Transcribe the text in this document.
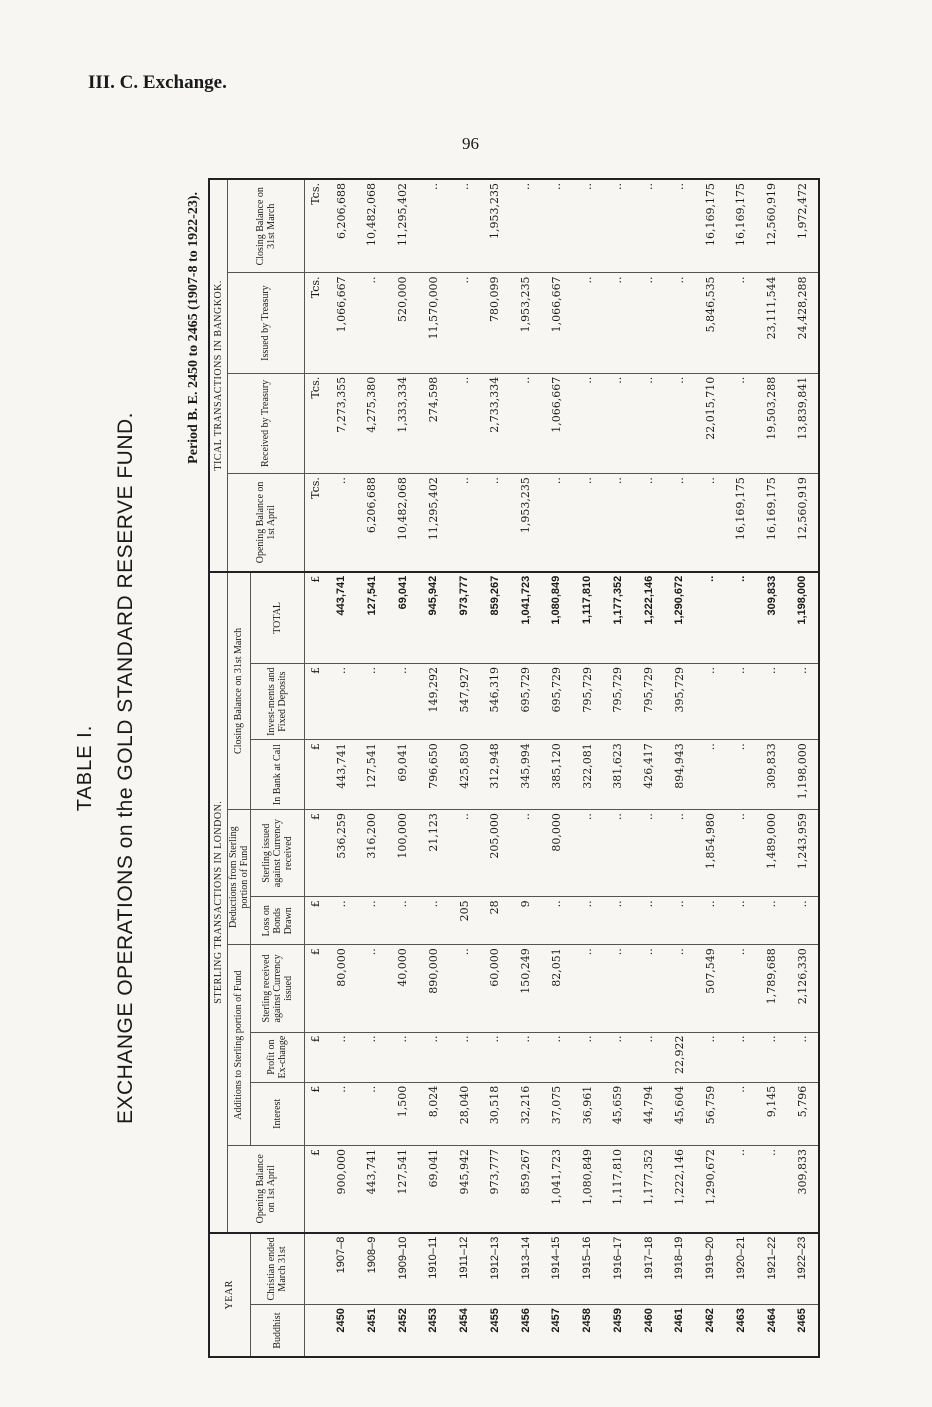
III. C. Exchange.
96
TABLE I. EXCHANGE OPERATIONS on the GOLD STANDARD RESERVE FUND.
Period B. E. 2450 to 2465 (1907-8 to 1922-23).
YEAR		STERLING TRANSACTIONS IN LONDON.									TICAL TRANSACTIONS IN BANGKOK.			
		Opening Balance on 1st April	Additions to Sterling portion of Fund			Deductions from Sterling portion of Fund		Closing Balance on 31st March			Opening Balance on 1st April	Received by Treasury	Issued by Treasury	Closing Balance on 31st March
Buddhist	Christian ended March 31st		Interest	Profit on Ex-change	Sterling received against Currency issued	Loss on Bonds Drawn	Sterling issued against Currency received	In Bank at Call	Invest-ments and Fixed Deposits	TOTAL				
		£	£	£	£	£	£	£	£	£	Tcs.	Tcs.	Tcs.	Tcs.
2450	1907–8	900,000	..	..	80,000	..	536,259	443,741	..	443,741	..	7,273,355	1,066,667	6,206,688
2451	1908–9	443,741	..	..	..	..	316,200	127,541	..	127,541	6,206,688	4,275,380	..	10,482,068
2452	1909–10	127,541	1,500	..	40,000	..	100,000	69,041	..	69,041	10,482,068	1,333,334	520,000	11,295,402
2453	1910–11	69,041	8,024	..	890,000	..	21,123	796,650	149,292	945,942	11,295,402	274,598	11,570,000	..
2454	1911–12	945,942	28,040	..	..	205	..	425,850	547,927	973,777	..	..	..	..
2455	1912–13	973,777	30,518	..	60,000	28	205,000	312,948	546,319	859,267	..	2,733,334	780,099	1,953,235
2456	1913–14	859,267	32,216	..	150,249	9	..	345,994	695,729	1,041,723	1,953,235	..	1,953,235	..
2457	1914–15	1,041,723	37,075	..	82,051	..	80,000	385,120	695,729	1,080,849	..	1,066,667	1,066,667	..
2458	1915–16	1,080,849	36,961	..	..	..	..	322,081	795,729	1,117,810	..	..	..	..
2459	1916–17	1,117,810	45,659	..	..	..	..	381,623	795,729	1,177,352	..	..	..	..
2460	1917–18	1,177,352	44,794	..	..	..	..	426,417	795,729	1,222,146	..	..	..	..
2461	1918–19	1,222,146	45,604	22,922	..	..	..	894,943	395,729	1,290,672	..	..	..	..
2462	1919–20	1,290,672	56,759	..	507,549	..	1,854,980	..	..	..	..	22,015,710	5,846,535	16,169,175
2463	1920–21	..	..	..	..	..	..	..	..	..	16,169,175	..	..	16,169,175
2464	1921–22	..	9,145	..	1,789,688	..	1,489,000	309,833	..	309,833	16,169,175	19,503,288	23,111,544	12,560,919
2465	1922–23	309,833	5,796	..	2,126,330	..	1,243,959	1,198,000	..	1,198,000	12,560,919	13,839,841	24,428,288	1,972,472
